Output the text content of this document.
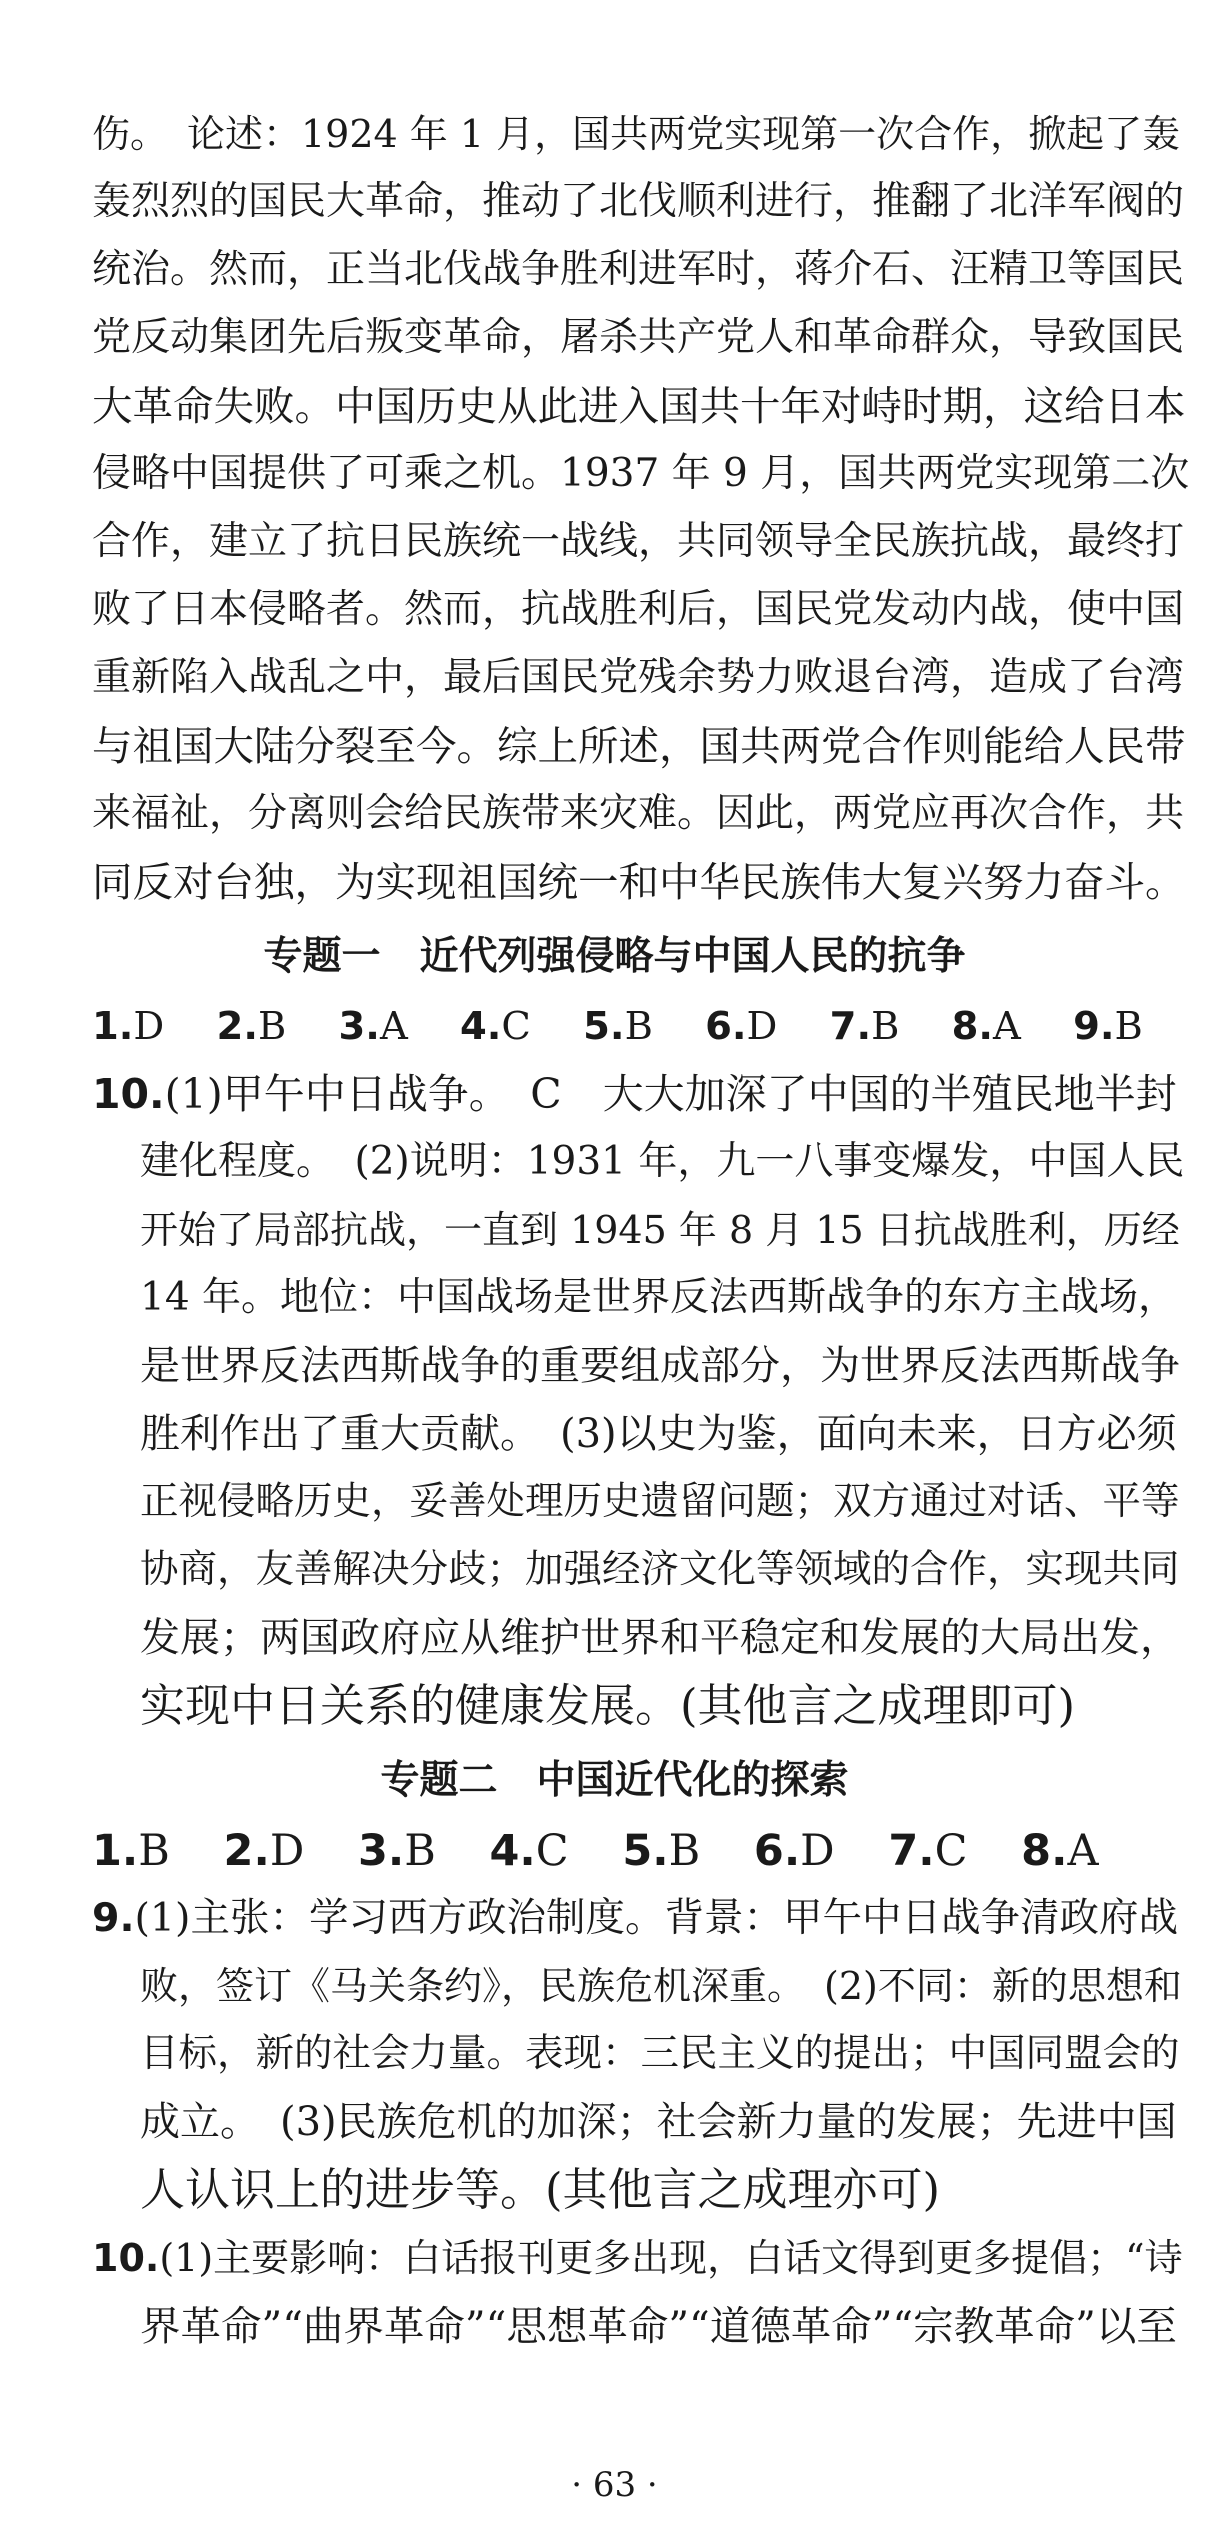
伤。　论述：1924 年 1 月，国共两党实现第一次合作，掀起了轰
轰烈烈的国民大革命，推动了北伐顺利进行，推翻了北洋军阀的
统治。然而，正当北伐战争胜利进军时，蒋介石、汪精卫等国民
党反动集团先后叛变革命，屠杀共产党人和革命群众，导致国民
大革命失败。中国历史从此进入国共十年对峙时期，这给日本
侵略中国提供了可乘之机。1937 年 9 月，国共两党实现第二次
合作，建立了抗日民族统一战线，共同领导全民族抗战，最终打
败了日本侵略者。然而，抗战胜利后，国民党发动内战，使中国
重新陷入战乱之中，最后国民党残余势力败退台湾，造成了台湾
与祖国大陆分裂至今。综上所述，国共两党合作则能给人民带
来福祉，分离则会给民族带来灾难。因此，两党应再次合作，共
同反对台独，为实现祖国统一和中华民族伟大复兴努力奋斗。
专题一　近代列强侵略与中国人民的抗争
1.D 2.B 3.A 4.C 5.B 6.D 7.B 8.A 9.B
10.(1)甲午中日战争。　C　大大加深了中国的半殖民地半封
建化程度。　(2)说明：1931 年，九一八事变爆发，中国人民
开始了局部抗战，一直到 1945 年 8 月 15 日抗战胜利，历经
14 年。地位：中国战场是世界反法西斯战争的东方主战场，
是世界反法西斯战争的重要组成部分，为世界反法西斯战争
胜利作出了重大贡献。　(3)以史为鉴，面向未来，日方必须
正视侵略历史，妥善处理历史遗留问题；双方通过对话、平等
协商，友善解决分歧；加强经济文化等领域的合作，实现共同
发展；两国政府应从维护世界和平稳定和发展的大局出发，
实现中日关系的健康发展。(其他言之成理即可)
专题二　中国近代化的探索
1.B 2.D 3.B 4.C 5.B 6.D 7.C 8.A
9.(1)主张：学习西方政治制度。背景：甲午中日战争清政府战
败，签订《马关条约》，民族危机深重。　(2)不同：新的思想和
目标，新的社会力量。表现：三民主义的提出；中国同盟会的
成立。　(3)民族危机的加深；社会新力量的发展；先进中国
人认识上的进步等。(其他言之成理亦可)
10.(1)主要影响：白话报刊更多出现，白话文得到更多提倡；“诗
界革命”“曲界革命”“思想革命”“道德革命”“宗教革命”以至
· 63 ·
